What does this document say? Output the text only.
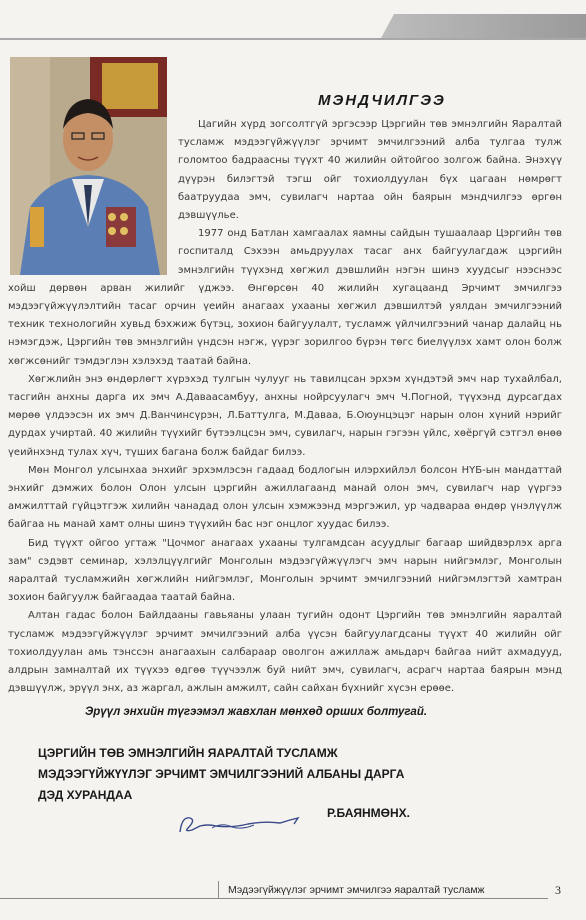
МЭНДЧИЛГЭЭ

Цагийн хүрд зогсолтгүй эргэсээр Цэргийн төв эмнэлгийн Яаралтай тусламж мэдээгүйжүүлэг эрчимт эмчилгээний алба тулгаа тулж голомтоо бадраасны түүхт 40 жилийн ойтойгоо золгож байна. Энэхүү дүүрэн билэгтэй тэгш ойг тохиолдуулан бүх цагаан нөмрөгт баатруудаа эмч, сувилагч нартаа ойн баярын мэндчилгээ өргөн дэвшүүлье.

1977 онд Батлан хамгаалах яамны сайдын тушаалаар Цэргийн төв госпиталд Сэхээн амьдруулах тасаг анх байгуулагдаж цэргийн эмнэлгийн түүхэнд хөгжил дэвшлийн нэгэн шинэ хуудсыг нээснээс хойш дөрвөн арван жилийг үджээ. Өнгөрсөн 40 жилийн хугацаанд Эрчимт эмчилгээ мэдээгүйжүүлэлтийн тасаг орчин үеийн анагаах ухааны хөгжил дэвшилтэй уялдан эмчилгээний техник технологийн хувьд бэхжиж бүтэц, зохион байгуулалт, тусламж үйлчилгээний чанар далайц нь нэмэгдэж, Цэргийн төв эмнэлгийн үндсэн нэгж, үүрэг зорилгоо бүрэн төгс биелүүлэх хамт олон болж хөгжсөнийг тэмдэглэн хэлэхэд таатай байна.

Хөгжлийн энэ өндөрлөгт хүрэхэд тулгын чулууг нь тавилцсан эрхэм хүндэтэй эмч нар тухайлбал, тасгийн анхны дарга их эмч А.Даваасамбуу, анхны нойрсуулагч эмч Ч.Погной, түүхэнд дурсагдах мөрөө үлдээсэн их эмч Д.Ванчинсүрэн, Л.Баттулга, М.Даваа, Б.Оюунцэцэг нарын олон хүний нэрийг дурдах учиртай. 40 жилийн түүхийг бүтээлцсэн эмч, сувилагч, нарын гэгээн үйлс, хөёргүй сэтгэл өнөө үеийнхэнд тулах хүч, түших багана болж байдаг билээ.

Мөн Монгол улсынхаа энхийг эрхэмлэсэн гадаад бодлогын илэрхийлэл болсон НҮБ-ын мандаттай энхийг дэмжих болон Олон улсын цэргийн ажиллагаанд манай олон эмч, сувилагч нар үүргээ амжилттай гүйцэтгэж хилийн чанадад олон улсын хэмжээнд мэргэжил, ур чадвараа өндөр үнэлүүлж байгаа нь манай хамт олны шинэ түүхийн бас нэг онцлог хуудас билээ.

Бид түүхт ойгоо угтаж "Цочмог анагаах ухааны тулгамдсан асуудлыг багаар шийдвэрлэх арга зам" сэдэвт семинар, хэлэлцүүлгийг Монголын мэдээгүйжүүлэгч эмч нарын нийгэмлэг, Монголын яаралтай тусламжийн хөгжлийн нийгэмлэг, Монголын эрчимт эмчилгээний нийгэмлэгтэй хамтран зохион байгуулж байгаадаа таатай байна.

Алтан гадас болон Байлдааны гавьяаны улаан тугийн одонт Цэргийн төв эмнэлгийн яаралтай тусламж мэдээгүйжүүлэг эрчимт эмчилгээний алба үүсэн байгуулагдсаны түүхт 40 жилийн ойг тохиолдуулан амь тэнссэн анагаахын салбараар оволгон ажиллаж амьдарч байгаа нийт ахмадууд, алдрын замналтай их түүхээ өдгөө түүчээлж буй нийт эмч, сувилагч, асрагч нартаа баярын мэнд дэвшүүлж, эрүүл энх, аз жаргал, ажлын амжилт, сайн сайхан бүхнийг хүсэн ерөөе.

Эрүүл энхийн түгээмэл жавхлан мөнхөд орших болтугай.
ЦЭРГИЙН ТӨВ ЭМНЭЛГИЙН ЯАРАЛТАЙ ТУСЛАМЖ
МЭДЭЭГҮЙЖҮҮЛЭГ ЭРЧИМТ ЭМЧИЛГЭЭНИЙ АЛБАНЫ ДАРГА
ДЭД ХУРАНДАА
Р.БАЯНМӨНХ.
Мэдээгүйжүүлэг эрчимт эмчилгээ яаралтай тусламж	3
